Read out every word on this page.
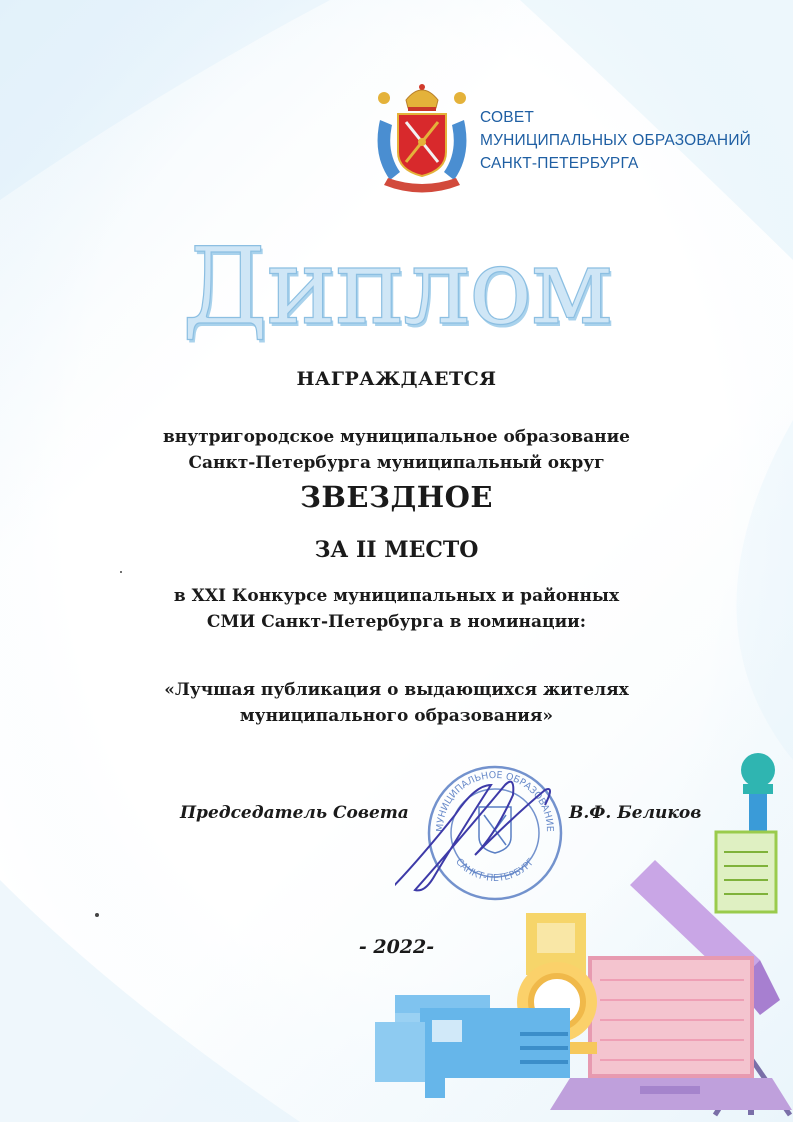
СОВЕТ
МУНИЦИПАЛЬНЫХ ОБРАЗОВАНИЙ
САНКТ-ПЕТЕРБУРГА
Диплом
НАГРАЖДАЕТСЯ
внутригородское муниципальное образование
Санкт-Петербурга муниципальный округ
ЗВЕЗДНОЕ
ЗА II МЕСТО
в XXI Конкурсе муниципальных и районных
СМИ Санкт-Петербурга в номинации:
«Лучшая публикация о выдающихся жителях
муниципального образования»
МУНИЦИПАЛЬНОЕ ОБРАЗОВАНИЕ
САНКТ-ПЕТЕРБУРГ
Председатель Совета	В.Ф. Беликов
- 2022-
